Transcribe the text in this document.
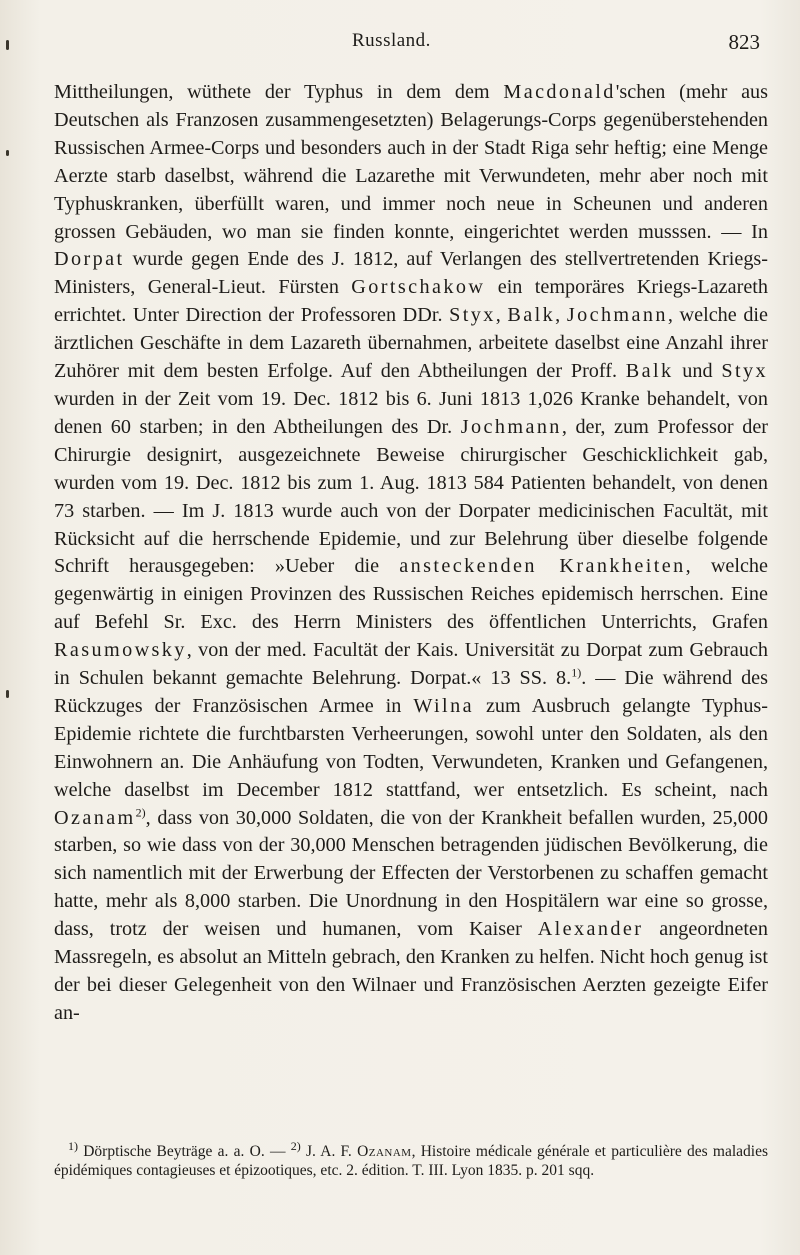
Russland.	823

Mittheilungen, wüthete der Typhus in dem dem Macdonald'schen (mehr aus Deutschen als Franzosen zusammengesetzten) Belagerungs-Corps gegenüberstehenden Russischen Armee-Corps und besonders auch in der Stadt Riga sehr heftig; eine Menge Aerzte starb daselbst, während die Lazarethe mit Verwundeten, mehr aber noch mit Typhuskranken, überfüllt waren, und immer noch neue in Scheunen und anderen grossen Gebäuden, wo man sie finden konnte, eingerichtet werden musssen. — In Dorpat wurde gegen Ende des J. 1812, auf Verlangen des stellvertretenden Kriegs-Ministers, General-Lieut. Fürsten Gortschakow ein temporäres Kriegs-Lazareth errichtet. Unter Direction der Professoren DDr. Styx, Balk, Jochmann, welche die ärztlichen Geschäfte in dem Lazareth übernahmen, arbeitete daselbst eine Anzahl ihrer Zuhörer mit dem besten Erfolge. Auf den Abtheilungen der Proff. Balk und Styx wurden in der Zeit vom 19. Dec. 1812 bis 6. Juni 1813 1,026 Kranke behandelt, von denen 60 starben; in den Abtheilungen des Dr. Jochmann, der, zum Professor der Chirurgie designirt, ausgezeichnete Beweise chirurgischer Geschicklichkeit gab, wurden vom 19. Dec. 1812 bis zum 1. Aug. 1813 584 Patienten behandelt, von denen 73 starben. — Im J. 1813 wurde auch von der Dorpater medicinischen Facultät, mit Rücksicht auf die herrschende Epidemie, und zur Belehrung über dieselbe folgende Schrift herausgegeben: »Ueber die ansteckenden Krankheiten, welche gegenwärtig in einigen Provinzen des Russischen Reiches epidemisch herrschen. Eine auf Befehl Sr. Exc. des Herrn Ministers des öffentlichen Unterrichts, Grafen Rasumowsky, von der med. Facultät der Kais. Universität zu Dorpat zum Gebrauch in Schulen bekannt gemachte Belehrung. Dorpat.« 13 SS. 8.$^{1)}$. — Die während des Rückzuges der Französischen Armee in Wilna zum Ausbruch gelangte Typhus-Epidemie richtete die furchtbarsten Verheerungen, sowohl unter den Soldaten, als den Einwohnern an. Die Anhäufung von Todten, Verwundeten, Kranken und Gefangenen, welche daselbst im December 1812 stattfand, wer entsetzlich. Es scheint, nach Ozanam$^{2)}$, dass von 30,000 Soldaten, die von der Krankheit befallen wurden, 25,000 starben, so wie dass von der 30,000 Menschen betragenden jüdischen Bevölkerung, die sich namentlich mit der Erwerbung der Effecten der Verstorbenen zu schaffen gemacht hatte, mehr als 8,000 starben. Die Unordnung in den Hospitälern war eine so grosse, dass, trotz der weisen und humanen, vom Kaiser Alexander angeordneten Massregeln, es absolut an Mitteln gebrach, den Kranken zu helfen. Nicht hoch genug ist der bei dieser Gelegenheit von den Wilnaer und Französischen Aerzten gezeigte Eifer an-

$^{1)}$ Dörptische Beyträge a. a. O. — $^{2)}$ J. A. F. Ozanam, Histoire médicale générale et particulière des maladies épidémiques contagieuses et épizootiques, etc. 2. édition. T. III. Lyon 1835. p. 201 sqq.
